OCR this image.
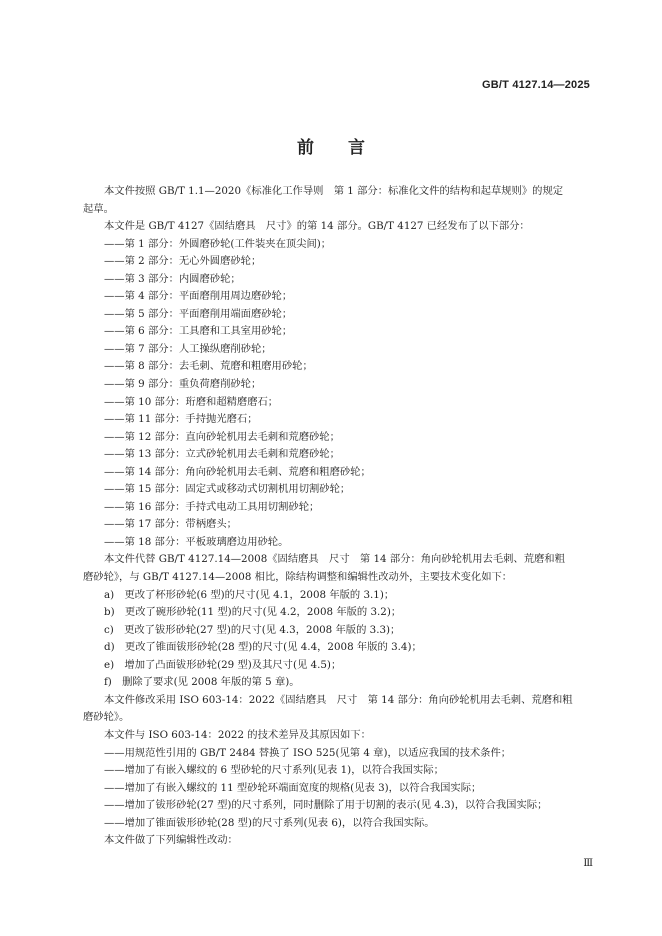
GB/T 4127.14—2025
前　　言
本文件按照 GB/T 1.1—2020《标准化工作导则　第 1 部分：标准化文件的结构和起草规则》的规定
起草。
本文件是 GB/T 4127《固结磨具　尺寸》的第 14 部分。GB/T 4127 已经发布了以下部分：
——第 1 部分：外圆磨砂轮(工件装夹在顶尖间)；
——第 2 部分：无心外圆磨砂轮；
——第 3 部分：内圆磨砂轮；
——第 4 部分：平面磨削用周边磨砂轮；
——第 5 部分：平面磨削用端面磨砂轮；
——第 6 部分：工具磨和工具室用砂轮；
——第 7 部分：人工操纵磨削砂轮；
——第 8 部分：去毛刺、荒磨和粗磨用砂轮；
——第 9 部分：重负荷磨削砂轮；
——第 10 部分：珩磨和超精磨磨石；
——第 11 部分：手持抛光磨石；
——第 12 部分：直向砂轮机用去毛刺和荒磨砂轮；
——第 13 部分：立式砂轮机用去毛刺和荒磨砂轮；
——第 14 部分：角向砂轮机用去毛刺、荒磨和粗磨砂轮；
——第 15 部分：固定式或移动式切割机用切割砂轮；
——第 16 部分：手持式电动工具用切割砂轮；
——第 17 部分：带柄磨头；
——第 18 部分：平板玻璃磨边用砂轮。
本文件代替 GB/T 4127.14—2008《固结磨具　尺寸　第 14 部分：角向砂轮机用去毛刺、荒磨和粗
磨砂轮》，与 GB/T 4127.14—2008 相比，除结构调整和编辑性改动外，主要技术变化如下：
a)　更改了杯形砂轮(6 型)的尺寸(见 4.1，2008 年版的 3.1)；
b)　更改了碗形砂轮(11 型)的尺寸(见 4.2，2008 年版的 3.2)；
c)　更改了钹形砂轮(27 型)的尺寸(见 4.3，2008 年版的 3.3)；
d)　更改了锥面钹形砂轮(28 型)的尺寸(见 4.4，2008 年版的 3.4)；
e)　增加了凸面钹形砂轮(29 型)及其尺寸(见 4.5)；
f)　删除了要求(见 2008 年版的第 5 章)。
本文件修改采用 ISO 603-14：2022《固结磨具　尺寸　第 14 部分：角向砂轮机用去毛刺、荒磨和粗
磨砂轮》。
本文件与 ISO 603-14：2022 的技术差异及其原因如下：
——用规范性引用的 GB/T 2484 替换了 ISO 525(见第 4 章)，以适应我国的技术条件；
——增加了有嵌入螺纹的 6 型砂轮的尺寸系列(见表 1)，以符合我国实际；
——增加了有嵌入螺纹的 11 型砂轮环端面宽度的规格(见表 3)，以符合我国实际；
——增加了钹形砂轮(27 型)的尺寸系列，同时删除了用于切割的表示(见 4.3)，以符合我国实际；
——增加了锥面钹形砂轮(28 型)的尺寸系列(见表 6)，以符合我国实际。
本文件做了下列编辑性改动：
Ⅲ
